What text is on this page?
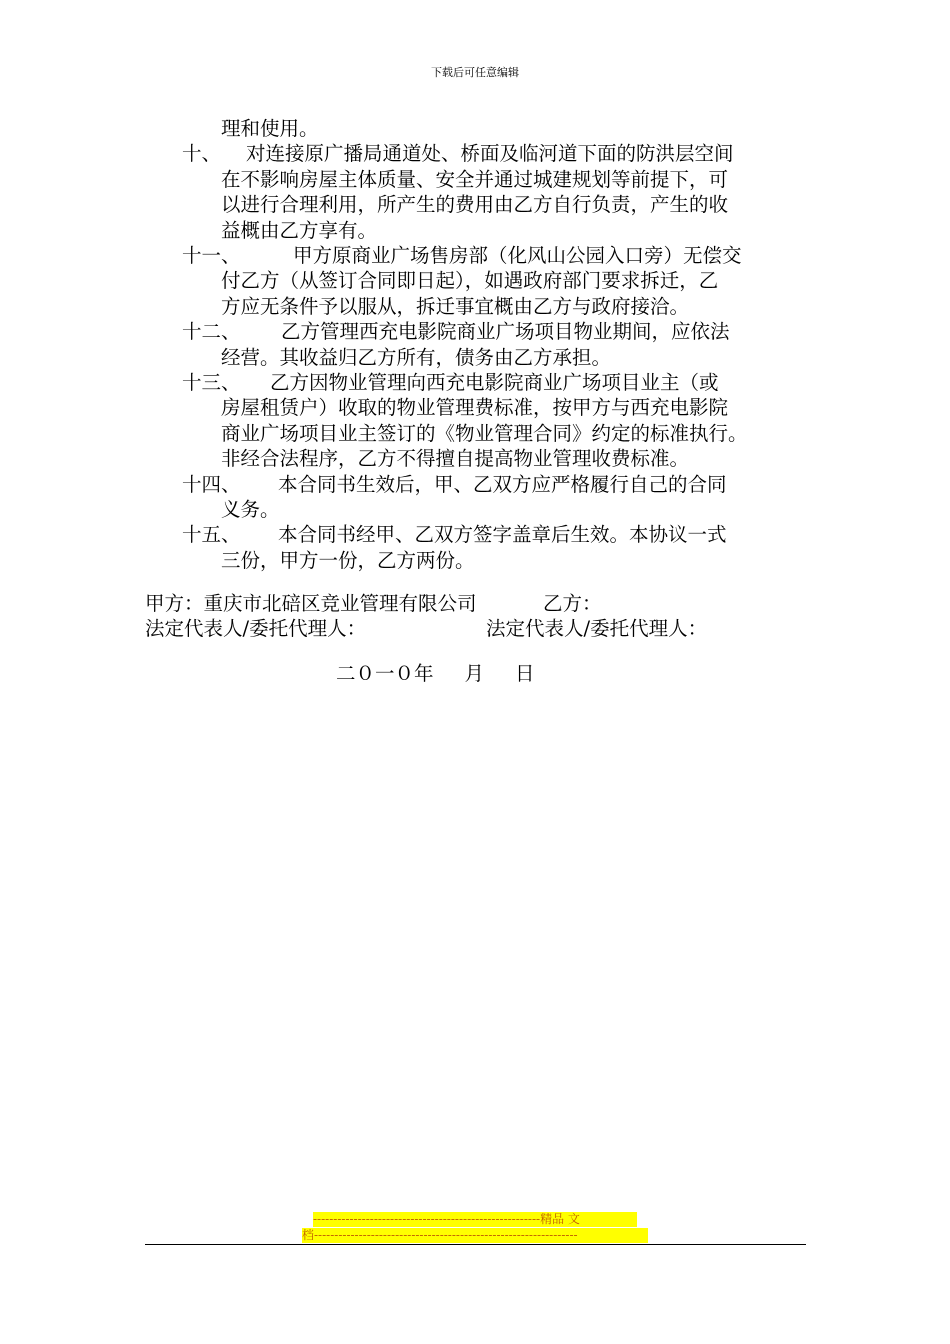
下载后可任意编辑
理和使用。
十、 对连接原广播局通道处、桥面及临河道下面的防洪层空间
在不影响房屋主体质量、安全并通过城建规划等前提下，可
以进行合理利用，所产生的费用由乙方自行负责，产生的收
益概由乙方享有。
十一、	甲方原商业广场售房部（化风山公园入口旁）无偿交
付乙方（从签订合同即日起），如遇政府部门要求拆迁，乙
方应无条件予以服从，拆迁事宜概由乙方与政府接洽。
十二、 乙方管理西充电影院商业广场项目物业期间，应依法
经营。其收益归乙方所有，债务由乙方承担。
十三、 乙方因物业管理向西充电影院商业广场项目业主（或
房屋租赁户）收取的物业管理费标准，按甲方与西充电影院
商业广场项目业主签订的《物业管理合同》约定的标准执行。
非经合法程序，乙方不得擅自提高物业管理收费标准。
十四、 本合同书生效后，甲、乙双方应严格履行自己的合同
义务。
十五、 本合同书经甲、乙双方签字盖章后生效。本协议一式
三份，甲方一份，乙方两份。
甲方：重庆市北碚区竞业管理有限公司	乙方：
法定代表人/委托代理人：	法定代表人/委托代理人：
二０一０年     月     日
--------------------------------------------------------精品 文
档-----------------------------------------------------------------
